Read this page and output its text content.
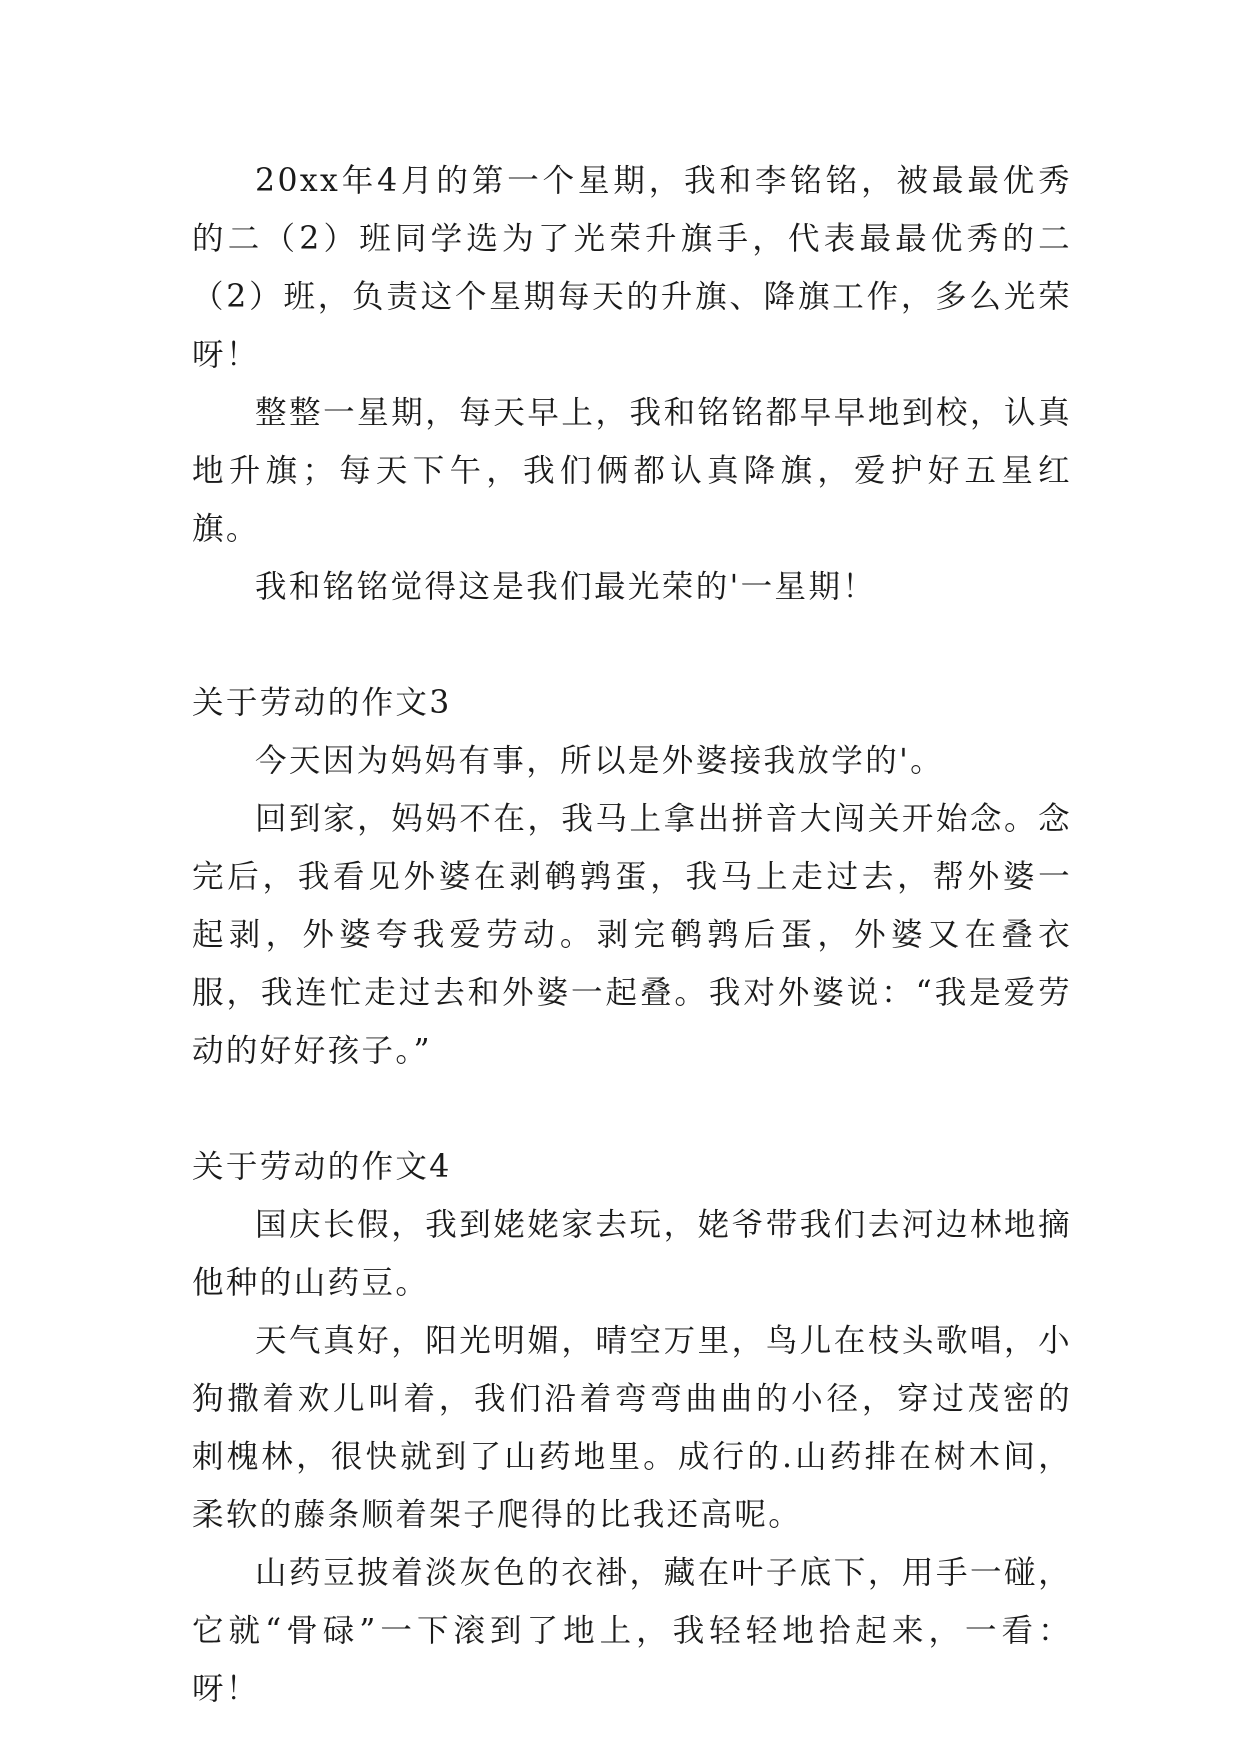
20xx年4月的第一个星期，我和李铭铭，被最最优秀的二（2）班同学选为了光荣升旗手，代表最最优秀的二（2）班，负责这个星期每天的升旗、降旗工作，多么光荣呀！

整整一星期，每天早上，我和铭铭都早早地到校，认真地升旗；每天下午，我们俩都认真降旗，爱护好五星红旗。

我和铭铭觉得这是我们最光荣的'一星期！

关于劳动的作文3

今天因为妈妈有事，所以是外婆接我放学的'。

回到家，妈妈不在，我马上拿出拼音大闯关开始念。念完后，我看见外婆在剥鹌鹑蛋，我马上走过去，帮外婆一起剥，外婆夸我爱劳动。剥完鹌鹑后蛋，外婆又在叠衣服，我连忙走过去和外婆一起叠。我对外婆说：“我是爱劳动的好好孩子。”

关于劳动的作文4

国庆长假，我到姥姥家去玩，姥爷带我们去河边林地摘他种的山药豆。

天气真好，阳光明媚，晴空万里，鸟儿在枝头歌唱，小狗撒着欢儿叫着，我们沿着弯弯曲曲的小径，穿过茂密的刺槐林，很快就到了山药地里。成行的.山药排在树木间，柔软的藤条顺着架子爬得的比我还高呢。

山药豆披着淡灰色的衣褂，藏在叶子底下，用手一碰，它就“骨碌”一下滚到了地上，我轻轻地拾起来，一看：呀！
